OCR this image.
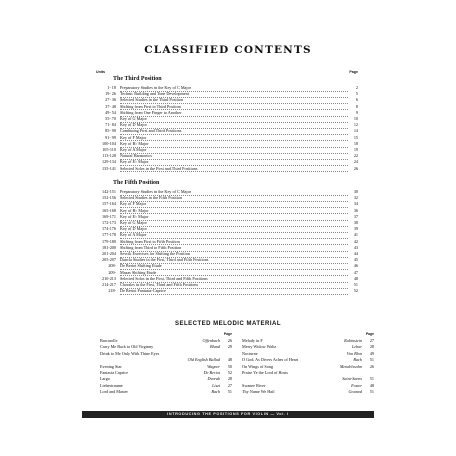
CLASSIFIED CONTENTS
Units	Page
The Third Position
1- 18 Preparatory Studies in the Key of C Major	2
19- 26 Technic Building and Tone Development	5
27- 36 Selected Studies in the Third Position	6
37- 48 Shifting from First to Third Position	8
49- 54 Shifting from One Finger to Another	9
55- 70 Key of G Major	10
71- 84 Key of D Major	12
85- 90 Combining First and Third Positions	14
91- 99 Key of F Major	15
100-104 Key of B♭ Major	18
105-110 Key of A Major	19
113-128 Natural Harmonics	22
129-134 Key of E♭ Major	24
135-141 Selected Solos in the First and Third Positions	26
The Fifth Position
142-151 Preparatory Studies in the Key of C Major	30
152-156 Selected Studies in the Fifth Position	32
157-164 Key of F Major	34
165-168 Key of B♭ Major	36
169-171 Key of E♭ Major	37
172-173 Key of G Major	38
174-176 Key of D Major	39
177-178 Key of A Major	41
179-180 Shifting from First to Fifth Position	42
181-200 Shifting from Third to Fifth Position	43
201-204 Sevcik Exercises for Shifting the Position	44
205-207 Dancla Studies in the First, Third and Fifth Positions	45
208- De Beriot Shifting Etude	46
209- Mazas Shifting Etude	47
210-213 Selected Solos in the First, Third and Fifth Positions	48
214-217 Chorales in the First, Third and Fifth Positions	51
218- De Beriot Fantasia-Caprice	52
SELECTED MELODIC MATERIAL
Page
Barcarolle	Offenbach	26
Carry Me Back to Old Virginny	Bland	29
Drink to Me Only With Thine Eyes
Old English Ballad	48
Evening Star	Wagner	50
Fantasia Caprice	De Beriot	52
Largo	Dvorak	28
Liebestraume	Liszt	27
Lord and Master	Bach	51
Page
Melody in F	Rubinstein	27
Merry Widow Waltz	Lehar	28
Nocturne	Von Blon	49
O God, As Divers Aches of Heart	Bach	51
On Wings of Song	Mendelssohn	26
Praise Ye the Lord of Hosts
Saint-Saens	51
Swanee River	Foster	48
Thy Name We Hail	Gounod	51
INTRODUCING THE POSITIONS FOR VIOLIN — Vol. I
